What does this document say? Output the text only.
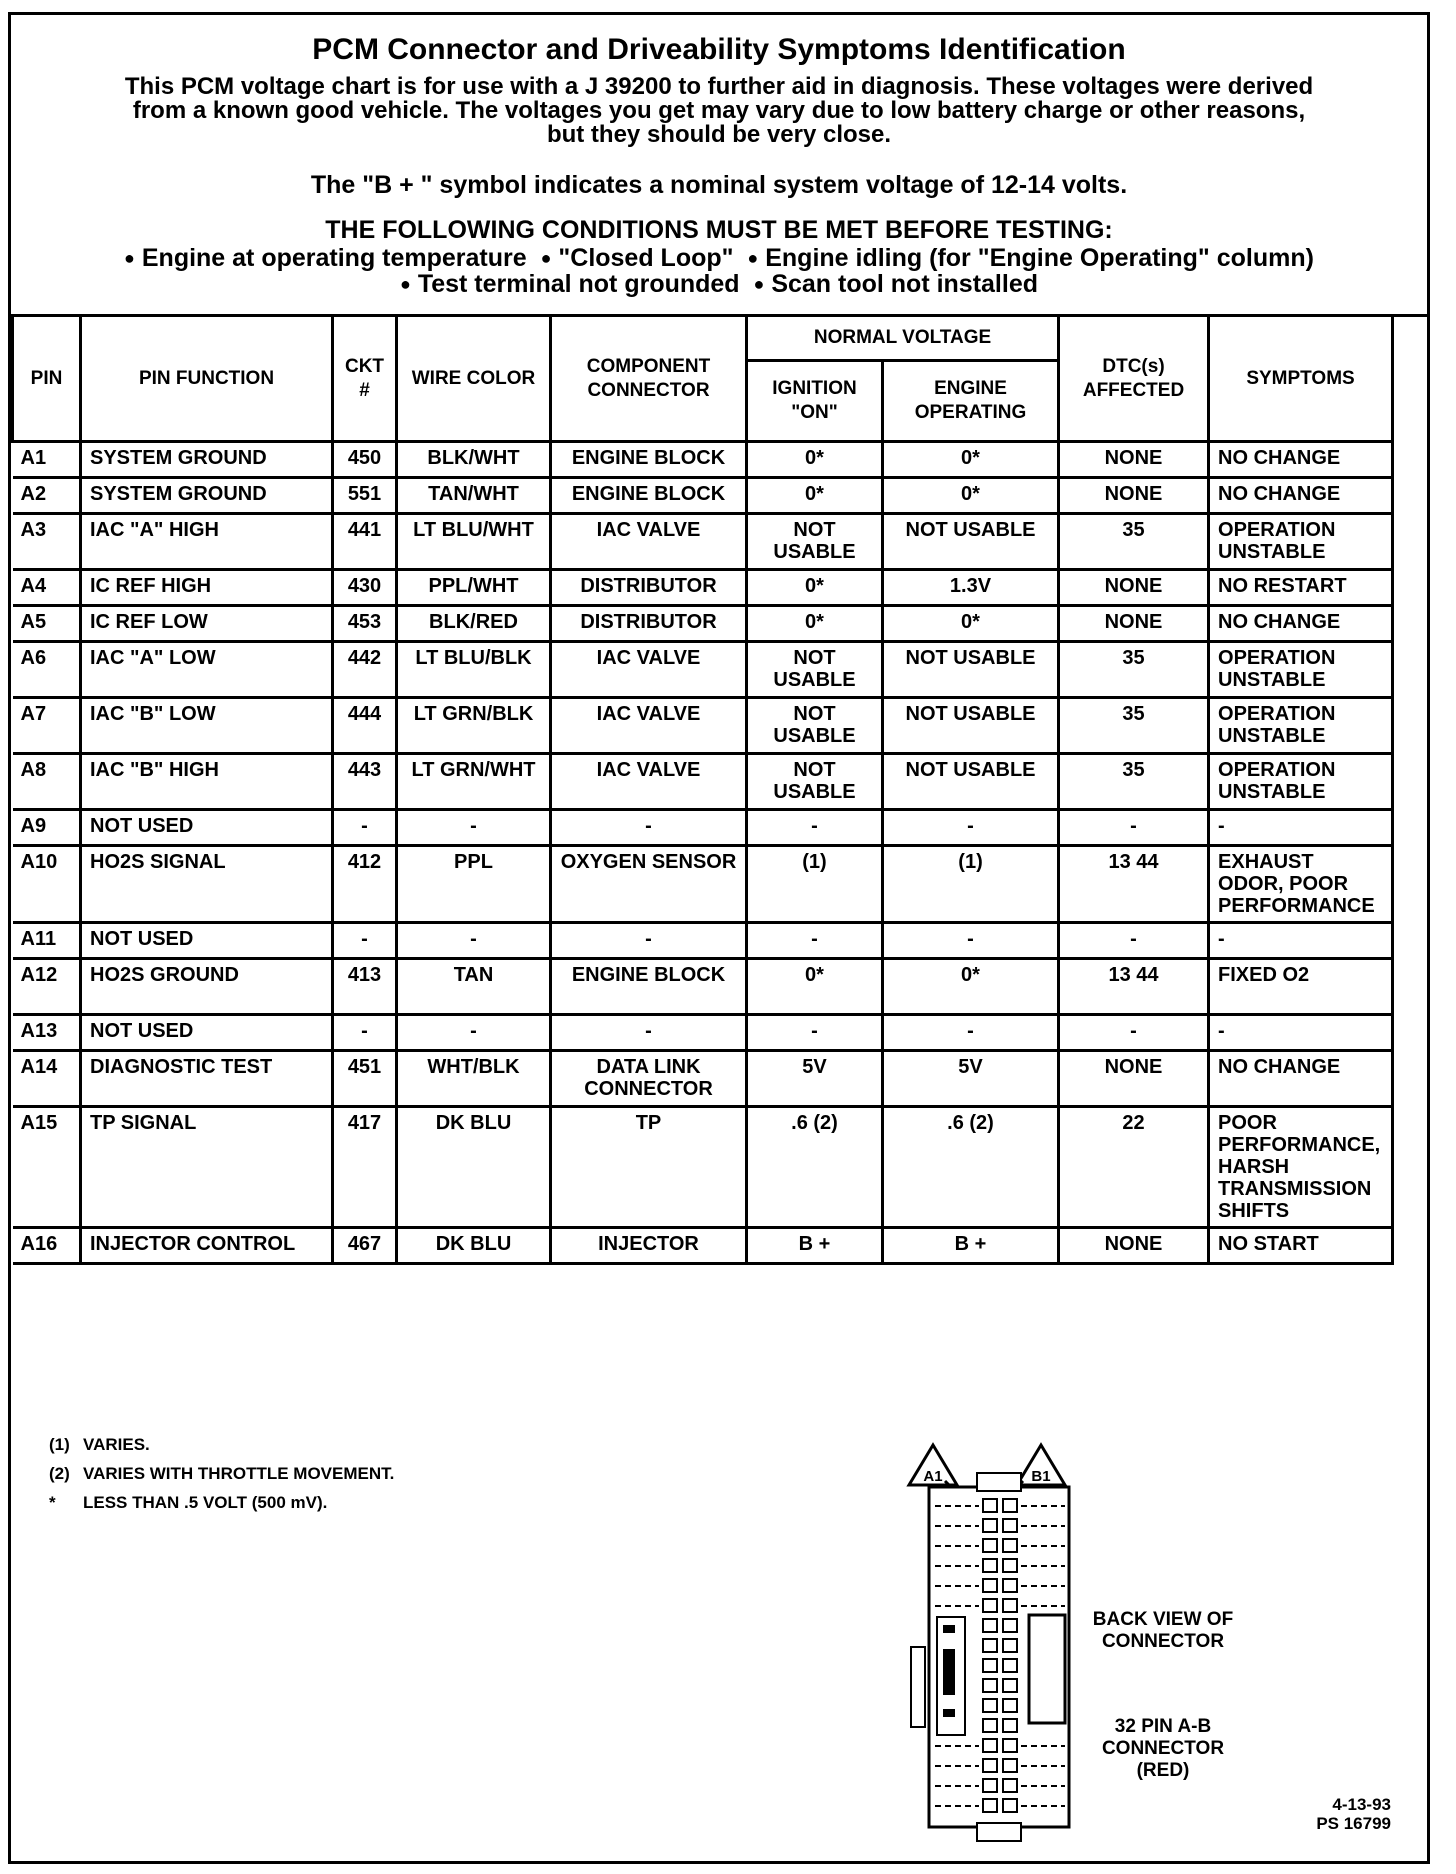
PCM Connector and Driveability Symptoms Identification
This PCM voltage chart is for use with a J 39200 to further aid in diagnosis. These voltages were derived
from a known good vehicle. The voltages you get may vary due to low battery charge or other reasons,
but they should be very close.
The "B + " symbol indicates a nominal system voltage of 12-14 volts.
THE FOLLOWING CONDITIONS MUST BE MET BEFORE TESTING:
● Engine at operating temperature ● "Closed Loop" ● Engine idling (for "Engine Operating" column)
● Test terminal not grounded ● Scan tool not installed
PIN	PIN FUNCTION	CKT #	WIRE COLOR	COMPONENT CONNECTOR	NORMAL VOLTAGE		DTC(s) AFFECTED	SYMPTOMS
					IGNITION "ON"	ENGINE OPERATING		
A1	SYSTEM GROUND	450	BLK/WHT	ENGINE BLOCK	0*	0*	NONE	NO CHANGE
A2	SYSTEM GROUND	551	TAN/WHT	ENGINE BLOCK	0*	0*	NONE	NO CHANGE
A3	IAC "A" HIGH	441	LT BLU/WHT	IAC VALVE	NOT USABLE	NOT USABLE	35	OPERATION UNSTABLE
A4	IC REF HIGH	430	PPL/WHT	DISTRIBUTOR	0*	1.3V	NONE	NO RESTART
A5	IC REF LOW	453	BLK/RED	DISTRIBUTOR	0*	0*	NONE	NO CHANGE
A6	IAC "A" LOW	442	LT BLU/BLK	IAC VALVE	NOT USABLE	NOT USABLE	35	OPERATION UNSTABLE
A7	IAC "B" LOW	444	LT GRN/BLK	IAC VALVE	NOT USABLE	NOT USABLE	35	OPERATION UNSTABLE
A8	IAC "B" HIGH	443	LT GRN/WHT	IAC VALVE	NOT USABLE	NOT USABLE	35	OPERATION UNSTABLE
A9	NOT USED	-	-	-	-	-	-	-
A10	HO2S SIGNAL	412	PPL	OXYGEN SENSOR	(1)	(1)	13 44	EXHAUST ODOR, POOR PERFORMANCE
A11	NOT USED	-	-	-	-	-	-	-
A12	HO2S GROUND	413	TAN	ENGINE BLOCK	0*	0*	13 44	FIXED O2
A13	NOT USED	-	-	-	-	-	-	-
A14	DIAGNOSTIC TEST	451	WHT/BLK	DATA LINK CONNECTOR	5V	5V	NONE	NO CHANGE
A15	TP SIGNAL	417	DK BLU	TP	.6 (2)	.6 (2)	22	POOR PERFORMANCE, HARSH TRANSMISSION SHIFTS
A16	INJECTOR CONTROL	467	DK BLU	INJECTOR	B +	B +	NONE	NO START
(1) VARIES.
(2) VARIES WITH THROTTLE MOVEMENT.
* LESS THAN .5 VOLT (500 mV).
A1	B1
BACK VIEW OF CONNECTOR
32 PIN A-B CONNECTOR (RED)
4-13-93
PS 16799
